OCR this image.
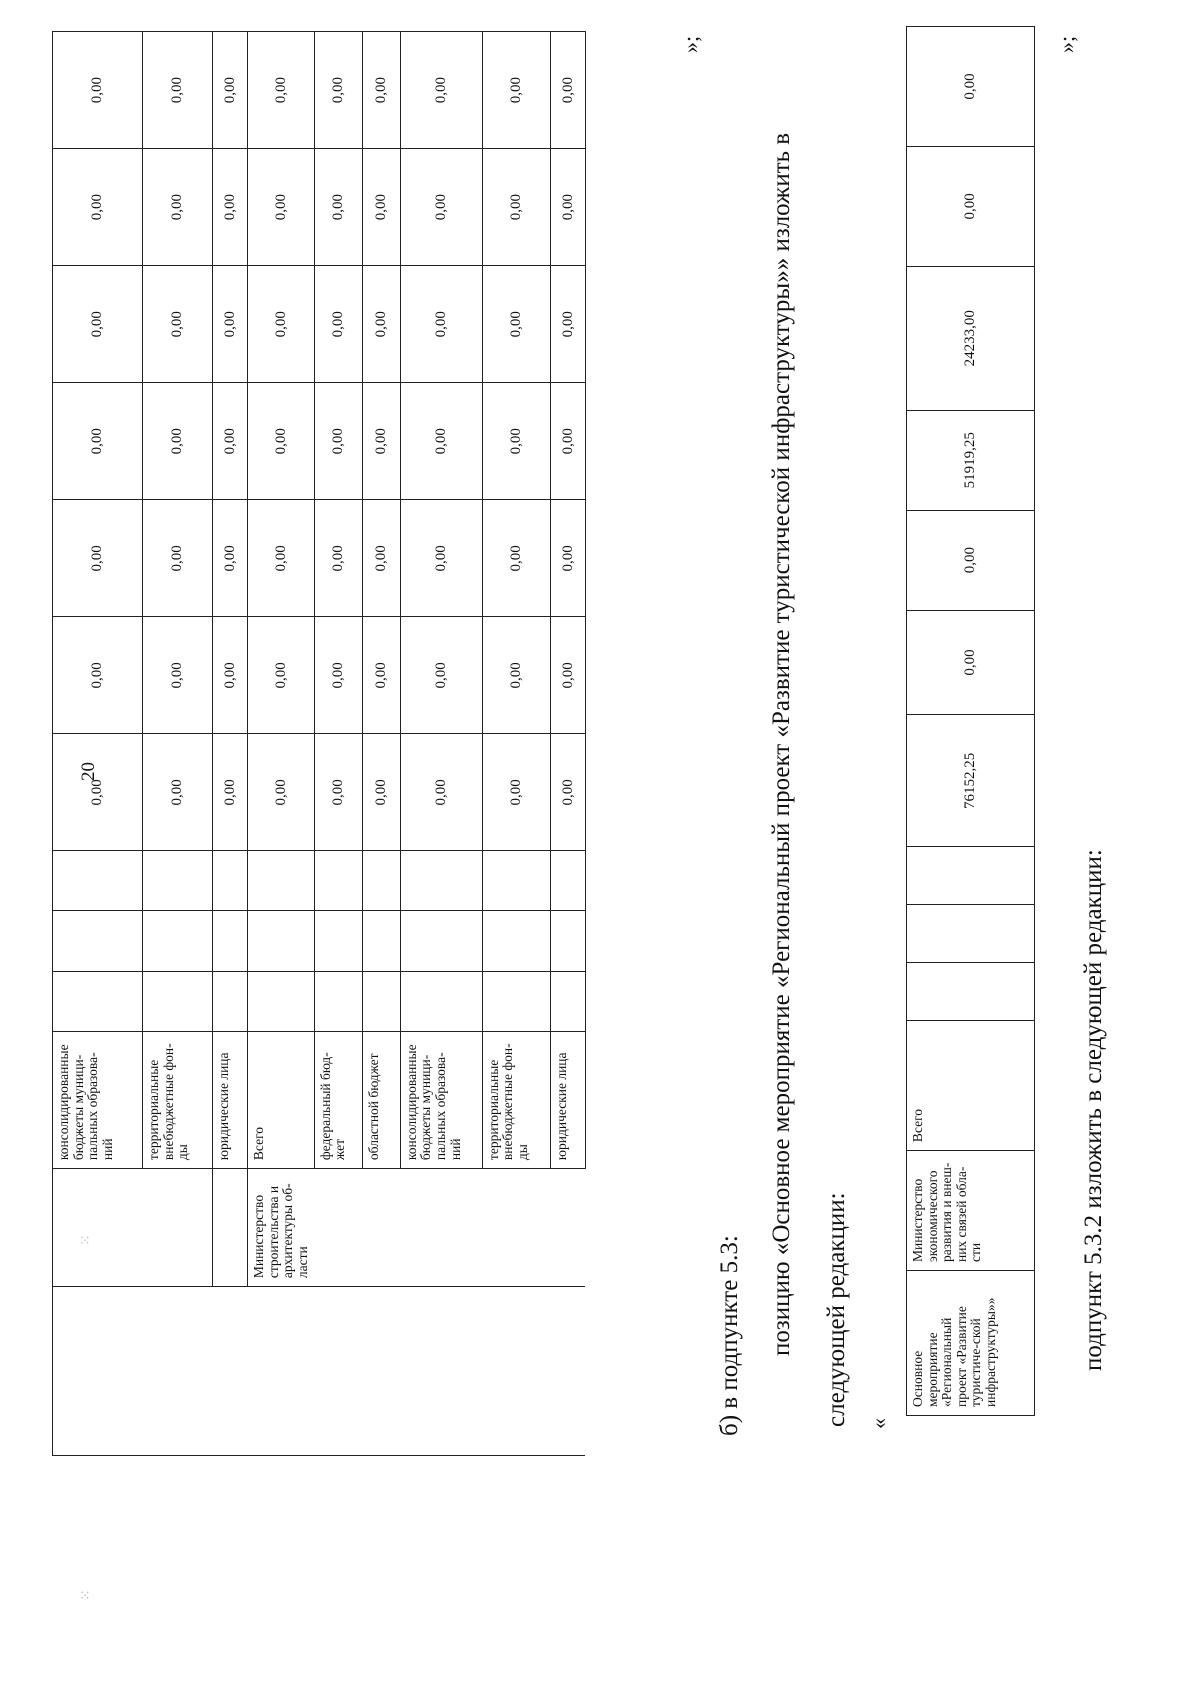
⁙
⁙
20
		консолидированные бюджеты муници-пальных образова-ний				0,00	0,00	0,00	0,00	0,00	0,00	0,00
		территориальные внебюджетные фон-ды				0,00	0,00	0,00	0,00	0,00	0,00	0,00
		юридические лица				0,00	0,00	0,00	0,00	0,00	0,00	0,00
	Министерство строительства и архитектуры об-ласти	Всего				0,00	0,00	0,00	0,00	0,00	0,00	0,00
		федеральный бюд-жет				0,00	0,00	0,00	0,00	0,00	0,00	0,00
		областной бюджет				0,00	0,00	0,00	0,00	0,00	0,00	0,00
		консолидированные бюджеты муници-пальных образова-ний				0,00	0,00	0,00	0,00	0,00	0,00	0,00
		территориальные внебюджетные фон-ды				0,00	0,00	0,00	0,00	0,00	0,00	0,00
		юридические лица				0,00	0,00	0,00	0,00	0,00	0,00	0,00
»;
б) в подпункте 5.3: позицию «Основное мероприятие «Региональный проект «Развитие туристической инфраструктуры»» изложить в следующей редакции: «
Основное мероприятие «Региональный проект «Развитие туристиче-ской инфраструктуры»»	Министерство экономического развития и внеш-них связей обла-сти	Всего				76152,25	0,00	0,00	51919,25	24233,00	0,00	0,00
»;
подпункт 5.3.2 изложить в следующей редакции:
